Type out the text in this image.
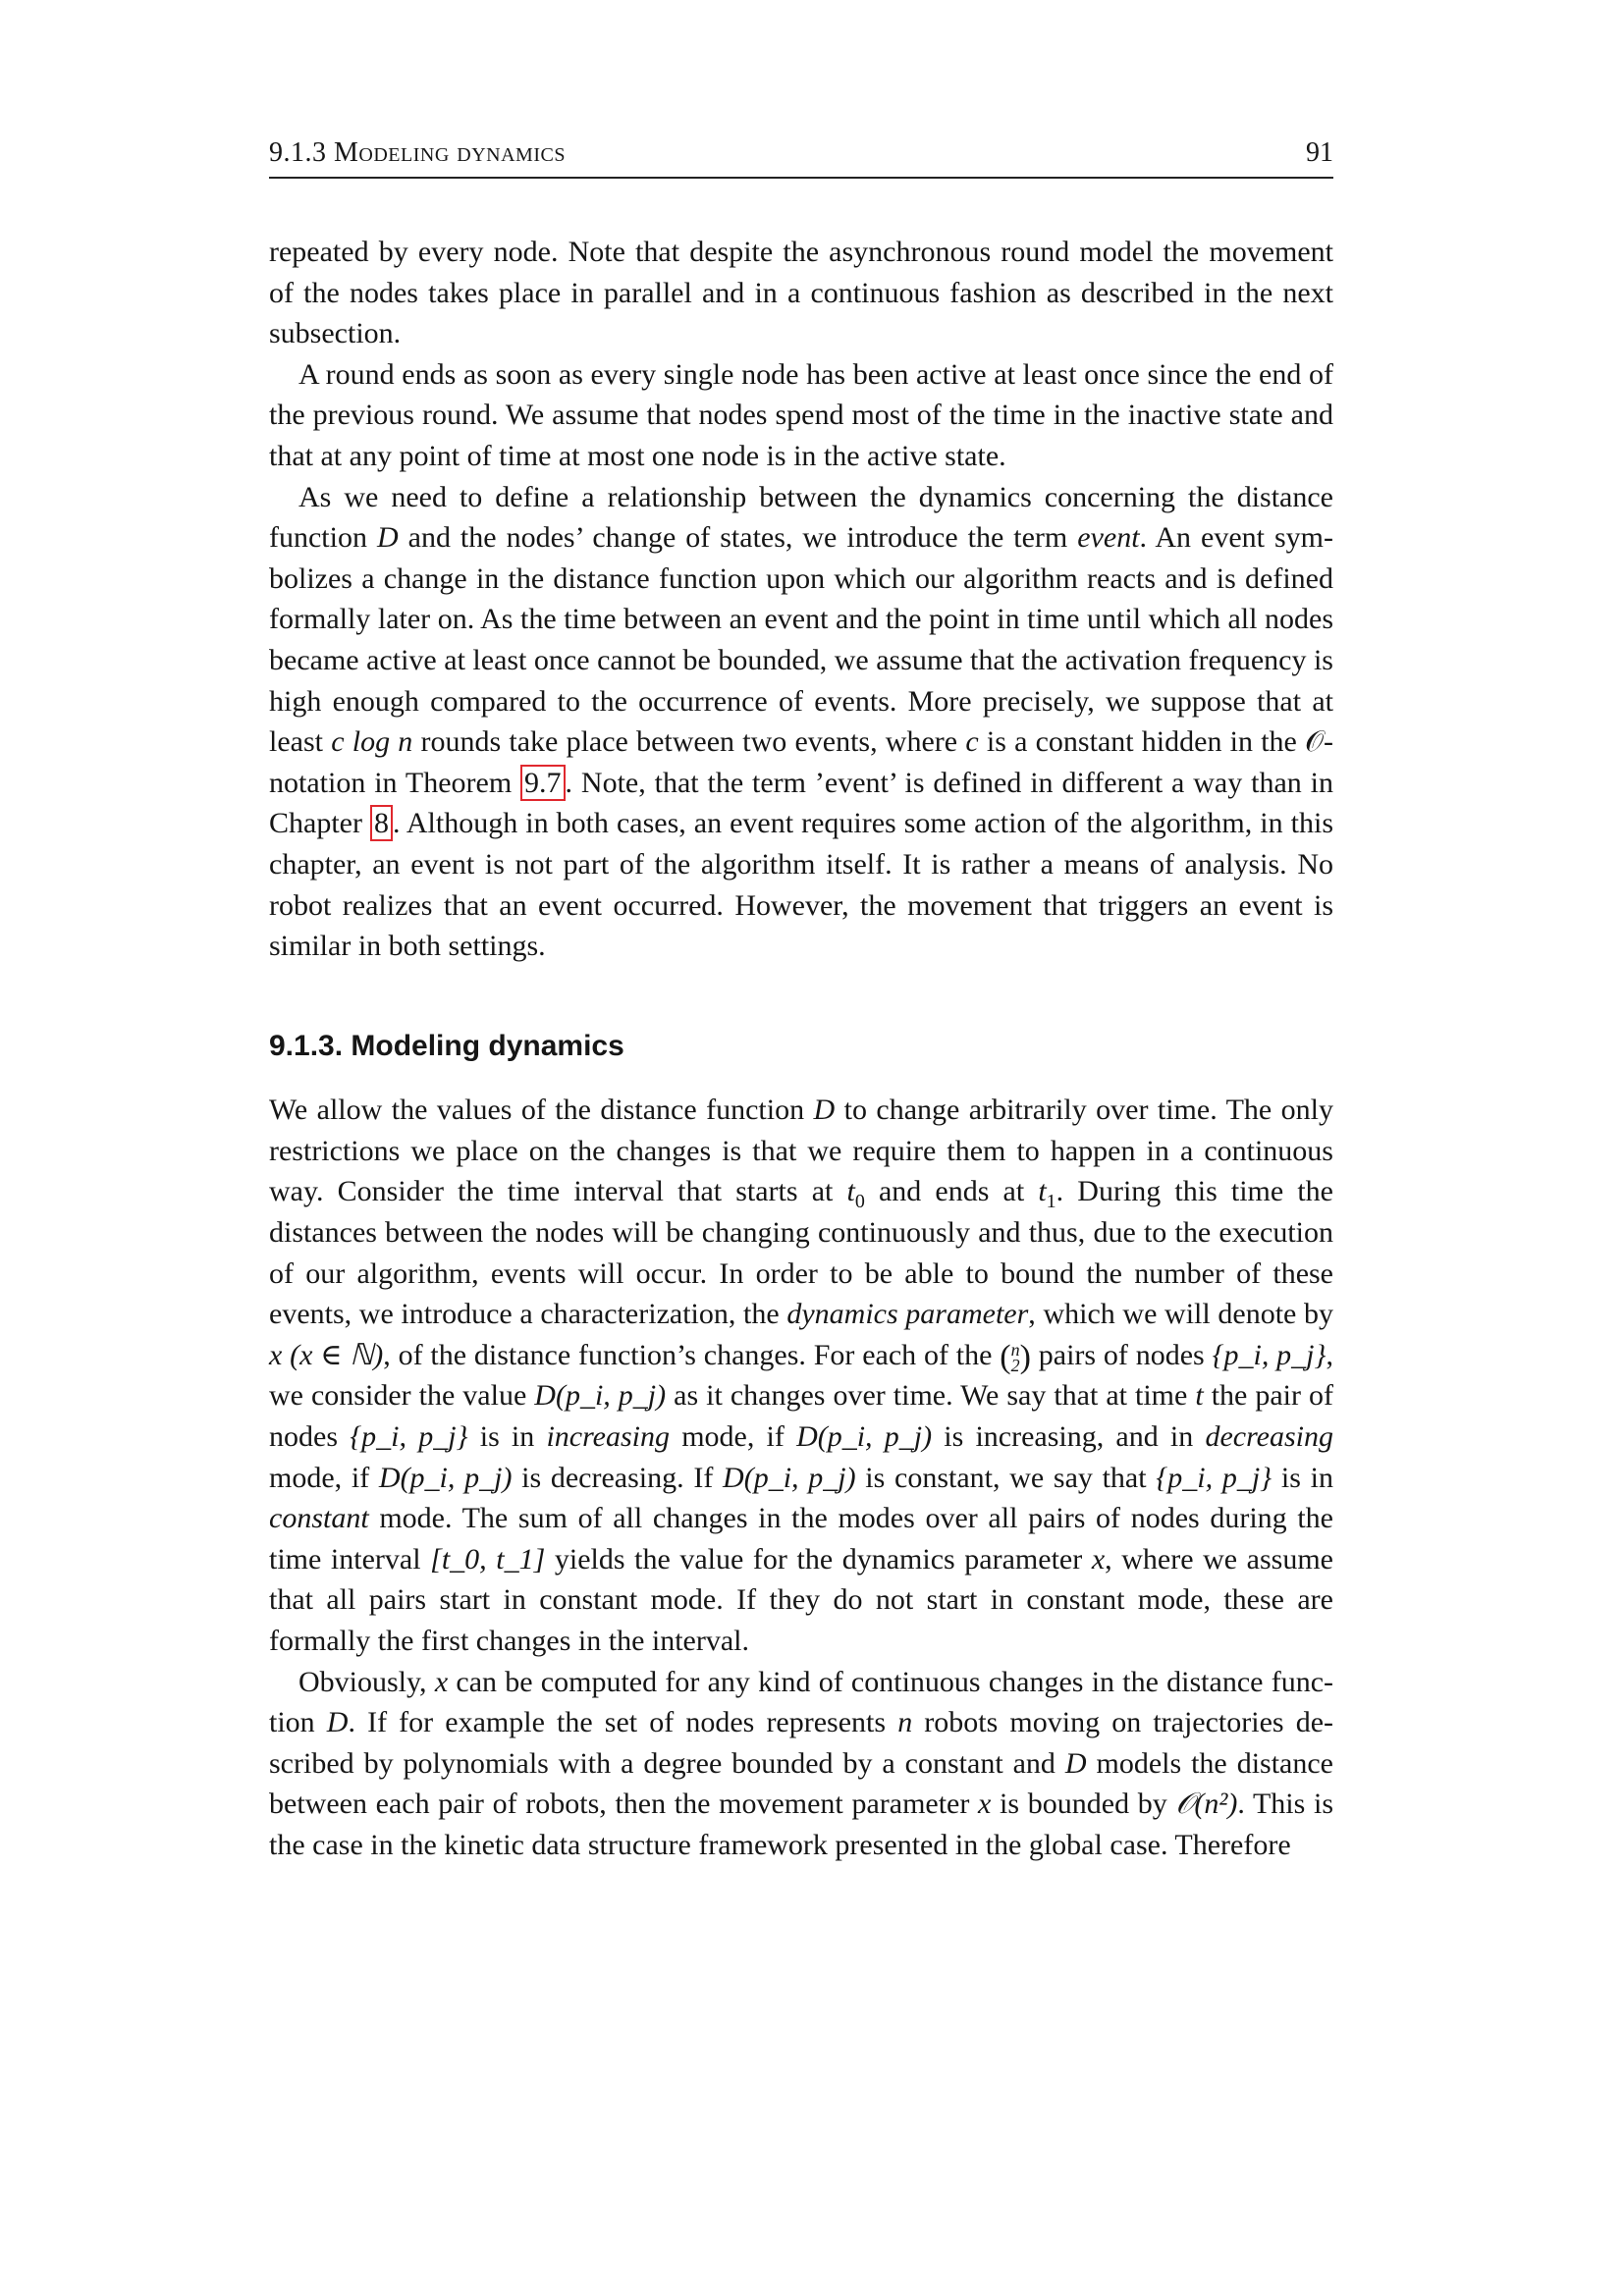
9.1.3 Modeling dynamics	91

repeated by every node. Note that despite the asynchronous round model the movement of the nodes takes place in parallel and in a continuous fashion as described in the next subsection.

A round ends as soon as every single node has been active at least once since the end of the previous round. We assume that nodes spend most of the time in the inactive state and that at any point of time at most one node is in the active state.

As we need to define a relationship between the dynamics concerning the distance function D and the nodes’ change of states, we introduce the term event. An event sym-bolizes a change in the distance function upon which our algorithm reacts and is defined formally later on. As the time between an event and the point in time until which all nodes became active at least once cannot be bounded, we assume that the activation frequency is high enough compared to the occurrence of events. More precisely, we suppose that at least c log n rounds take place between two events, where c is a constant hidden in the 𝒪-notation in Theorem 9.7 . Note, that the term ’event’ is defined in different a way than in Chapter 8 . Although in both cases, an event requires some action of the algorithm, in this chapter, an event is not part of the algorithm itself. It is rather a means of analysis. No robot realizes that an event occurred. However, the movement that triggers an event is similar in both settings.

9.1.3. Modeling dynamics

We allow the values of the distance function D to change arbitrarily over time. The only restrictions we place on the changes is that we require them to happen in a continuous way. Consider the time interval that starts at $t_0$ and ends at $t_1$. During this time the distances between the nodes will be changing continuously and thus, due to the execution of our algorithm, events will occur. In order to be able to bound the number of these events, we introduce a characterization, the dynamics parameter, which we will denote by x (x ∈ ℕ), of the distance function’s changes. For each of the (n
2) pairs of nodes {p_i, p_j}, we consider the value D(p_i, p_j) as it changes over time. We say that at time t the pair of nodes {p_i, p_j} is in increasing mode, if D(p_i, p_j) is increasing, and in decreasing mode, if D(p_i, p_j) is decreasing. If D(p_i, p_j) is constant, we say that {p_i, p_j} is in constant mode. The sum of all changes in the modes over all pairs of nodes during the time interval [t_0, t_1] yields the value for the dynamics parameter x, where we assume that all pairs start in constant mode. If they do not start in constant mode, these are formally the first changes in the interval.

Obviously, x can be computed for any kind of continuous changes in the distance func-tion D. If for example the set of nodes represents n robots moving on trajectories de-scribed by polynomials with a degree bounded by a constant and D models the distance between each pair of robots, then the movement parameter x is bounded by 𝒪(n²). This is the case in the kinetic data structure framework presented in the global case. Therefore
